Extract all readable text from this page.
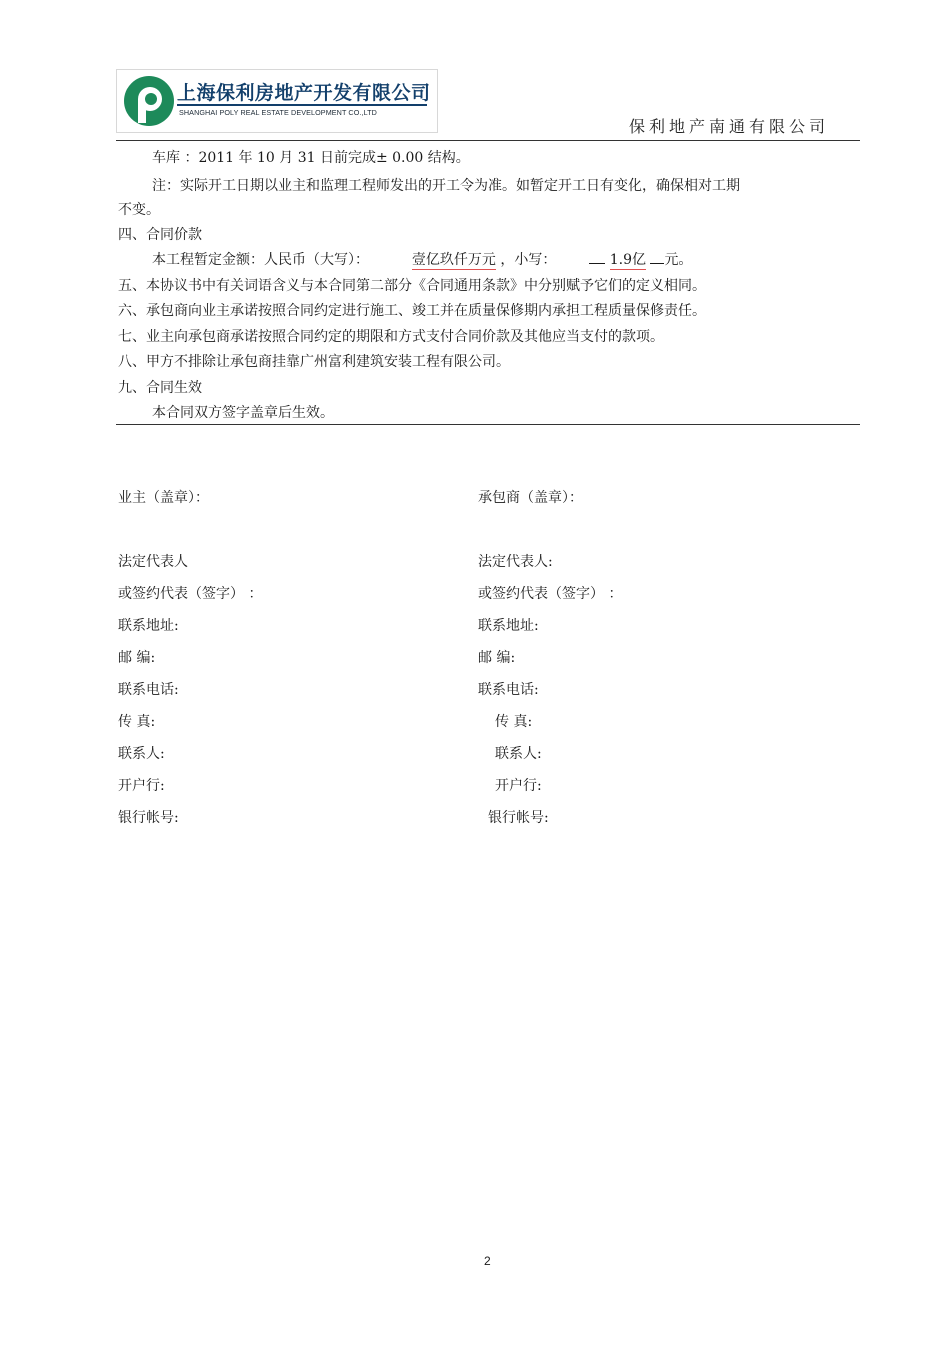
上海保利房地产开发有限公司
SHANGHAI POLY REAL ESTATE DEVELOPMENT CO.,LTD
保利地产南通有限公司
车库 ：2011 年 10 月 31 日前完成± 0.00 结构。
注：实际开工日期以业主和监理工程师发出的开工令为准。如暂定开工日有变化，确保相对工期
不变。
四、合同价款
本工程暂定金额：人民币（大写）：	壹亿玖仟万元 ，小写：	1.9亿 元。
五、本协议书中有关词语含义与本合同第二部分《合同通用条款》中分别赋予它们的定义相同。
六、承包商向业主承诺按照合同约定进行施工、竣工并在质量保修期内承担工程质量保修责任。
七、业主向承包商承诺按照合同约定的期限和方式支付合同价款及其他应当支付的款项。
八、甲方不排除让承包商挂靠广州富利建筑安装工程有限公司。
九、合同生效
本合同双方签字盖章后生效。
业主（盖章）：
法定代表人
或签约代表（签字） ：
联系地址:
邮 编:
联系电话:
传 真:
联系人:
开户行:
银行帐号:
承包商（盖章）：
法定代表人:
或签约代表（签字） ：
联系地址:
邮 编:
联系电话:
传 真:
联系人:
开户行:
银行帐号:
2
